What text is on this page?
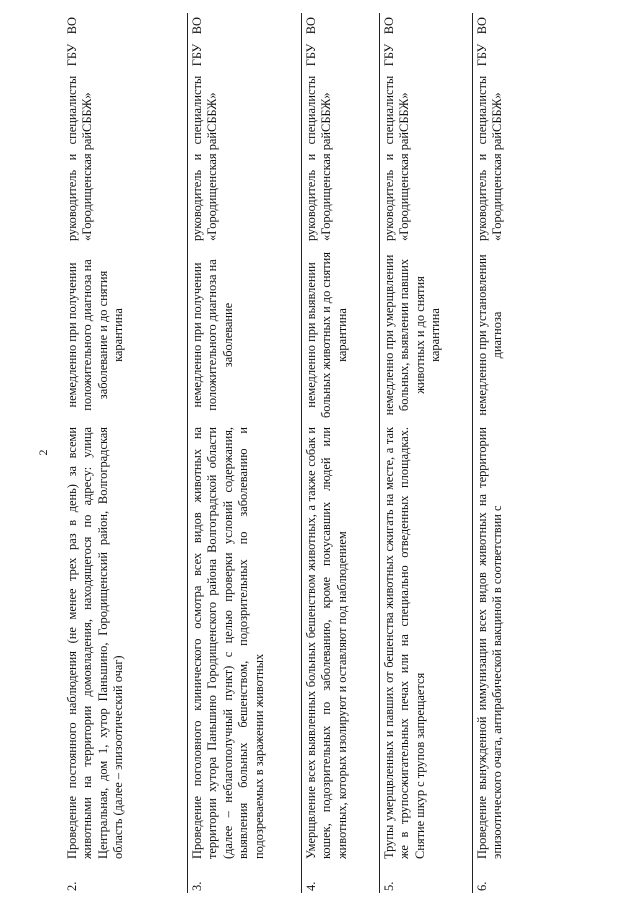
2
2.	Проведение постоянного наблюдения (не менее трех раз в день) за всеми животными на территории домовладения, находящегося по адресу: улица Центральная, дом 1, хутор Паньшино, Городищенский район, Волгоградская область (далее – эпизоотический очаг)	немедленно при получении положительного диагноза на заболевание и до снятия карантина	руководитель и специалисты ГБУ ВО «Городищенская райСББЖ»
3.	Проведение поголовного клинического осмотра всех видов животных на территории хутора Паньшино Городищенского района Волгоградской области (далее – неблагополучный пункт) с целью проверки условий содержания, выявления больных бешенством, подозрительных по заболеванию и подозреваемых в заражении животных	немедленно при получении положительного диагноза на заболевание	руководитель и специалисты ГБУ ВО «Городищенская райСББЖ»
4.	Умерщвление всех выявленных больных бешенством животных, а также собак и кошек, подозрительных по заболеванию, кроме покусавших людей или животных, которых изолируют и оставляют под наблюдением	немедленно при выявлении больных животных и до снятия карантина	руководитель и специалисты ГБУ ВО «Городищенская райСББЖ»
5.	Трупы умерщвленных и павших от бешенства животных сжигать на месте, а так же в трупосжигательных печах или на специально отведенных площадках. Снятие шкур с трупов запрещается	немедленно при умерщвлении больных, выявлении павших животных и до снятия карантина	руководитель и специалисты ГБУ ВО «Городищенская райСББЖ»
6.	Проведение вынужденной иммунизации всех видов животных на территории эпизоотического очага, антирабической вакциной в соответствии с	немедленно при установлении диагноза	руководитель и специалисты ГБУ ВО «Городищенская райСББЖ»
